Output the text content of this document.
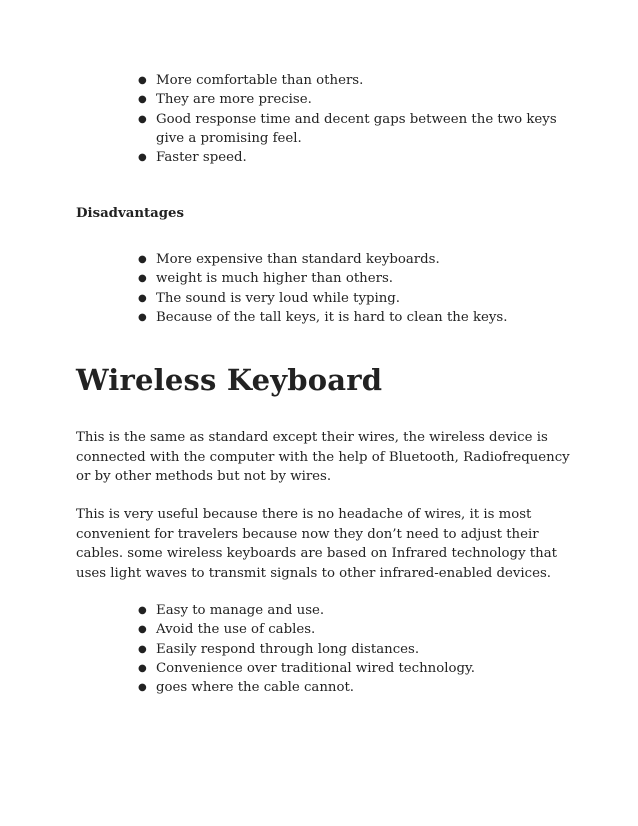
● More comfortable than others.
● They are more precise.
● Good response time and decent gaps between the two keys give a promising feel.
● Faster speed.
Disadvantages
● More expensive than standard keyboards.
● weight is much higher than others.
● The sound is very loud while typing.
● Because of the tall keys, it is hard to clean the keys.
Wireless Keyboard

This is the same as standard except their wires, the wireless device is connected with the computer with the help of Bluetooth, Radiofrequency or by other methods but not by wires.

This is very useful because there is no headache of wires, it is most convenient for travelers because now they don’t need to adjust their cables. some wireless keyboards are based on Infrared technology that uses light waves to transmit signals to other infrared-enabled devices.

● Easy to manage and use.
● Avoid the use of cables.
● Easily respond through long distances.
● Convenience over traditional wired technology.
● goes where the cable cannot.
